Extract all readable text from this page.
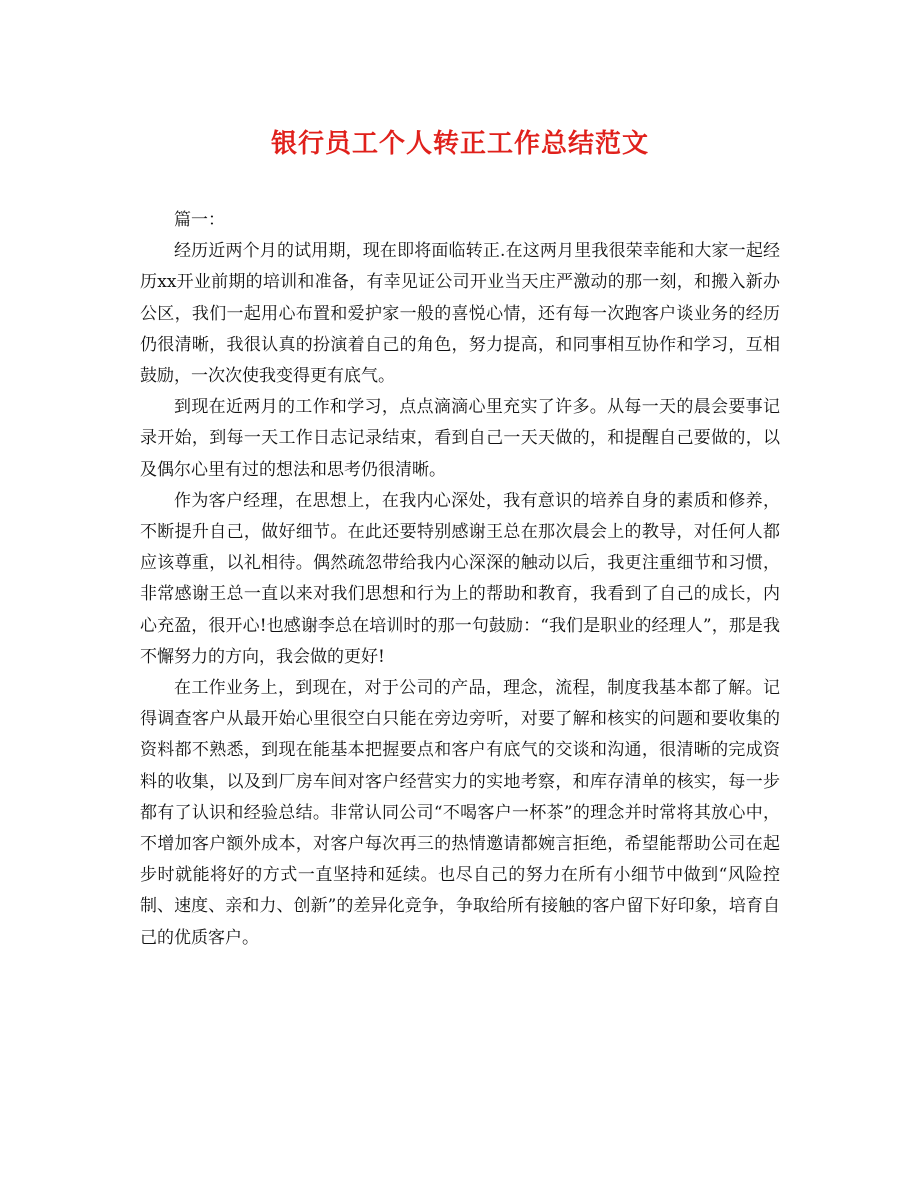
银行员工个人转正工作总结范文
篇一：

经历近两个月的试用期，现在即将面临转正.在这两月里我很荣幸能和大家一起经历xx开业前期的培训和准备，有幸见证公司开业当天庄严激动的那一刻，和搬入新办公区，我们一起用心布置和爱护家一般的喜悦心情，还有每一次跑客户谈业务的经历仍很清晰，我很认真的扮演着自己的角色，努力提高，和同事相互协作和学习，互相鼓励，一次次使我变得更有底气。

到现在近两月的工作和学习，点点滴滴心里充实了许多。从每一天的晨会要事记录开始，到每一天工作日志记录结束，看到自己一天天做的，和提醒自己要做的，以及偶尔心里有过的想法和思考仍很清晰。

作为客户经理，在思想上，在我内心深处，我有意识的培养自身的素质和修养，不断提升自己，做好细节。在此还要特别感谢王总在那次晨会上的教导，对任何人都应该尊重，以礼相待。偶然疏忽带给我内心深深的触动以后，我更注重细节和习惯，非常感谢王总一直以来对我们思想和行为上的帮助和教育，我看到了自己的成长，内心充盈，很开心!也感谢李总在培训时的那一句鼓励：“我们是职业的经理人”，那是我不懈努力的方向，我会做的更好!

在工作业务上，到现在，对于公司的产品，理念，流程，制度我基本都了解。记得调查客户从最开始心里很空白只能在旁边旁听，对要了解和核实的问题和要收集的资料都不熟悉，到现在能基本把握要点和客户有底气的交谈和沟通，很清晰的完成资料的收集，以及到厂房车间对客户经营实力的实地考察，和库存清单的核实，每一步都有了认识和经验总结。非常认同公司“不喝客户一杯茶”的理念并时常将其放心中，不增加客户额外成本，对客户每次再三的热情邀请都婉言拒绝，希望能帮助公司在起步时就能将好的方式一直坚持和延续。也尽自己的努力在所有小细节中做到“风险控制、速度、亲和力、创新”的差异化竞争，争取给所有接触的客户留下好印象，培育自己的优质客户。
